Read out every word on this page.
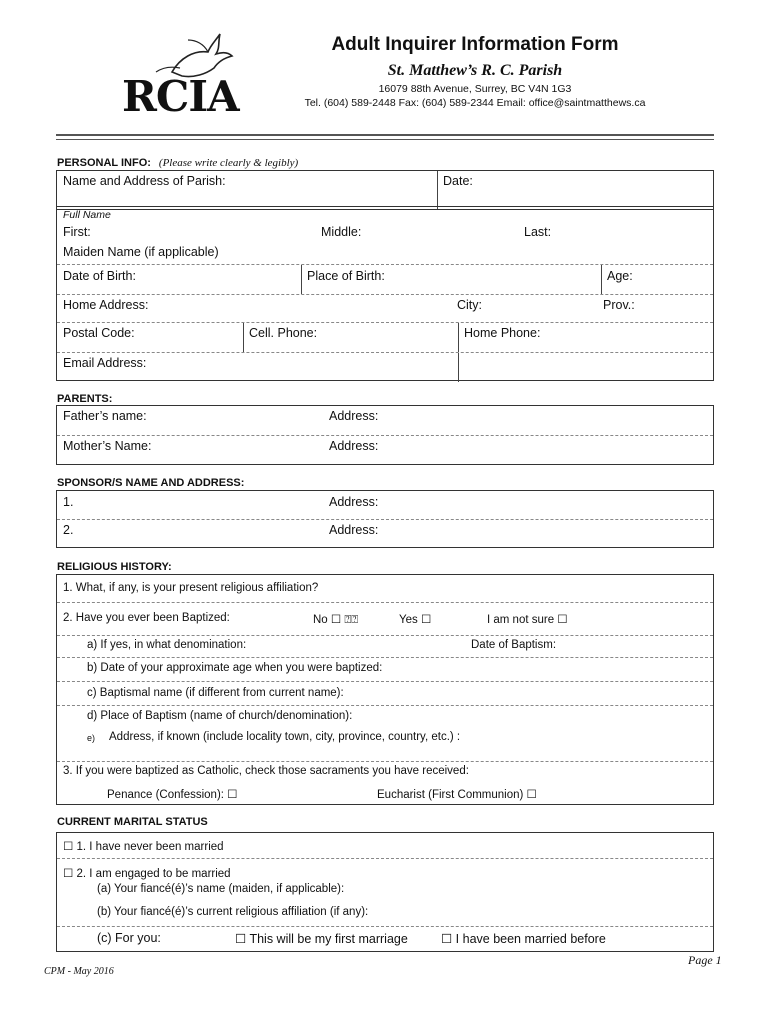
RCIA
Adult Inquirer Information Form
St. Matthew’s R. C. Parish
16079 88th Avenue, Surrey, BC V4N 1G3
Tel. (604) 589-2448 Fax: (604) 589-2344 Email: office@saintmatthews.ca
PERSONAL INFO: (Please write clearly & legibly)
Name and Address of Parish:	Date:
Full Name
First:	Middle:	Last:
Maiden Name (if applicable)
Date of Birth:	Place of Birth:	Age:
Home Address:	City:	Prov.:
Postal Code:	Cell. Phone:	Home Phone:
Email Address:
PARENTS:
Father’s name:	Address:
Mother’s Name:	Address:
SPONSOR/S NAME AND ADDRESS:
1.	Address:
2.	Address:
RELIGIOUS HISTORY:
1. What, if any, is your present religious affiliation?
2. Have you ever been Baptized:	No ☐ ⍰⍰	Yes ☐	I am not sure ☐
a) If yes, in what denomination:	Date of Baptism:
b) Date of your approximate age when you were baptized:
c) Baptismal name (if different from current name):
d) Place of Baptism (name of church/denomination):
e) Address, if known (include locality town, city, province, country, etc.) :
3. If you were baptized as Catholic, check those sacraments you have received:
Penance (Confession): ☐	Eucharist (First Communion) ☐
CURRENT MARITAL STATUS
☐ 1. I have never been married
☐ 2. I am engaged to be married
(a) Your fiancé(é)’s name (maiden, if applicable):
(b) Your fiancé(é)’s current religious affiliation (if any):
(c) For you:	☐ This will be my first marriage	☐ I have been married before
Page 1
CPM - May 2016
